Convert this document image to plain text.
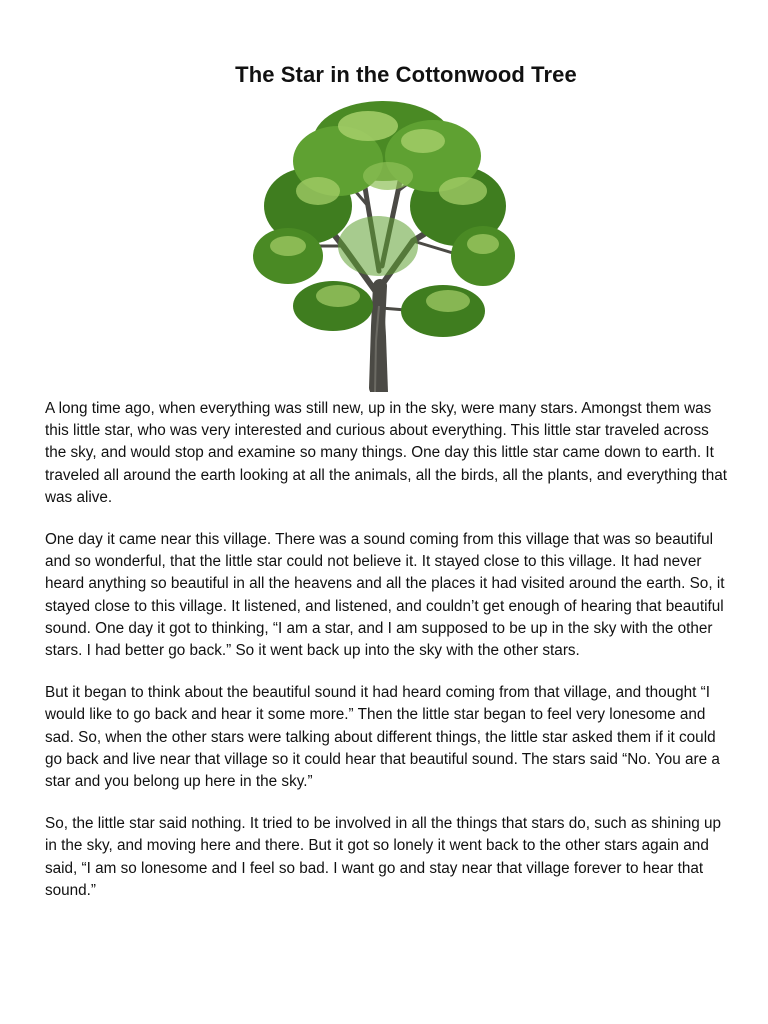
The Star in the Cottonwood Tree

A long time ago, when everything was still new, up in the sky, were many stars. Amongst them was this little star, who was very interested and curious about everything. This little star traveled across the sky, and would stop and examine so many things. One day this little star came down to earth. It traveled all around the earth looking at all the animals, all the birds, all the plants, and everything that was alive.

One day it came near this village. There was a sound coming from this village that was so beautiful and so wonderful, that the little star could not believe it. It stayed close to this village. It had never heard anything so beautiful in all the heavens and all the places it had visited around the earth. So, it stayed close to this village. It listened, and listened, and couldn’t get enough of hearing that beautiful sound. One day it got to thinking, “I am a star, and I am supposed to be up in the sky with the other stars. I had better go back.” So it went back up into the sky with the other stars.

But it began to think about the beautiful sound it had heard coming from that village, and thought “I would like to go back and hear it some more.” Then the little star began to feel very lonesome and sad. So, when the other stars were talking about different things, the little star asked them if it could go back and live near that village so it could hear that beautiful sound. The stars said “No. You are a star and you belong up here in the sky.”

So, the little star said nothing. It tried to be involved in all the things that stars do, such as shining up in the sky, and moving here and there. But it got so lonely it went back to the other stars again and said, “I am so lonesome and I feel so bad. I want go and stay near that village forever to hear that sound.”
